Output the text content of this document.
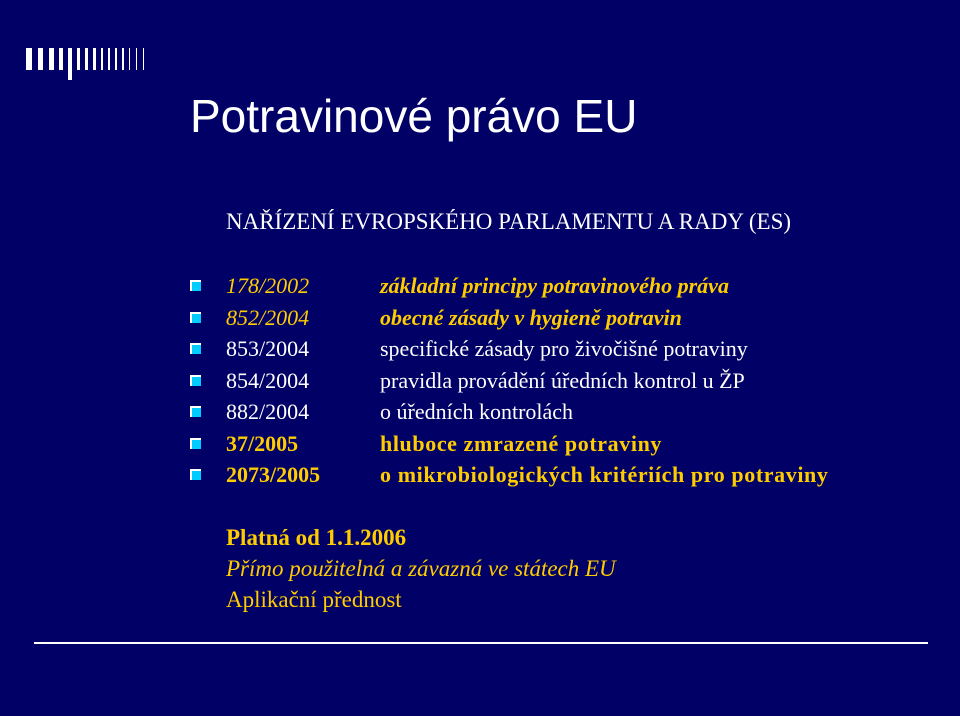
Potravinové právo EU
NAŘÍZENÍ EVROPSKÉHO PARLAMENTU A RADY (ES)
178/2002	základní principy potravinového práva
852/2004	obecné zásady v hygieně potravin
853/2004	specifické zásady pro živočišné potraviny
854/2004	pravidla provádění úředních kontrol u ŽP
882/2004	o úředních kontrolách
37/2005	hluboce zmrazené potraviny
2073/2005	o mikrobiologických kritériích pro potraviny
Platná od 1.1.2006
Přímo použitelná a závazná ve státech EU
Aplikační přednost
